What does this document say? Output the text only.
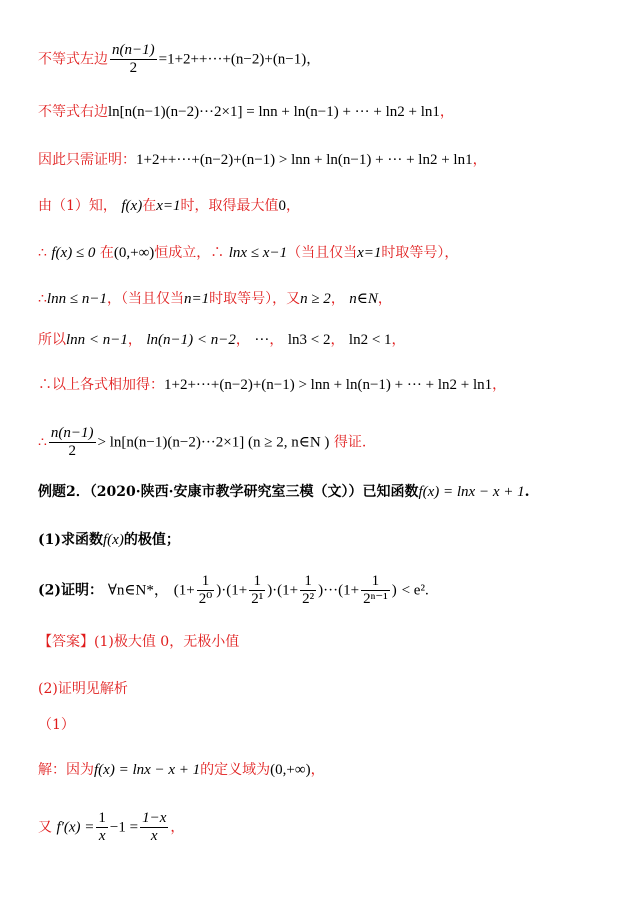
不等式左边 $\frac{n(n-1)}{2} =1+2++\cdot\cdot\cdot+(n-2)+(n-1)$，
不等式右边ln[n(n−1)(n−2)···2×1] = lnn + ln(n−1) + ··· + ln2 + ln1，
因此只需证明：1+2++···+(n−2)+(n−1) > lnn + ln(n−1) + ··· + ln2 + ln1，
由（1）知， f(x)在x=1时，取得最大值0，
∴ f(x) ≤ 0 在(0,+∞)恒成立，∴ lnx ≤ x−1（当且仅当x=1时取等号），
∴lnn ≤ n−1，（当且仅当n=1时取等号），又n ≥ 2， n∈N，
所以lnn < n−1， ln(n−1) < n−2， ···， ln3 < 2， ln2 < 1，
∴以上各式相加得：1+2+···+(n−2)+(n−1) > lnn + ln(n−1) + ··· + ln2 + ln1，
∴ $\frac{n(n-1)}{2} > \ln[n(n-1)(n-2)\cdot\cdot\cdot 2\times 1] (n \ge 2$, n∈N ) 得证.
例题2．（2020·陕西·安康市教学研究室三模（文））已知函数f(x) = lnx − x + 1.
(1)求函数f(x)的极值；
(2)证明： ∀n∈N*， $(1+ \frac{1}{\text{2⁰}} )\cdot(1+ \frac{1}{\text{2¹}} )\cdot(1+ \frac{1}{\text{2²}} )\cdot\cdot\cdot(1+ \frac{1}{\text{2ⁿ⁻¹}}$ ) < e².
【答案】(1)极大值 0，无极小值
(2)证明见解析
（1）
解：因为f(x) = lnx − x + 1的定义域为(0,+∞)，
又 $f'(x) = \frac{1}{x} -1 = \frac{1-x}{x}$ ，
